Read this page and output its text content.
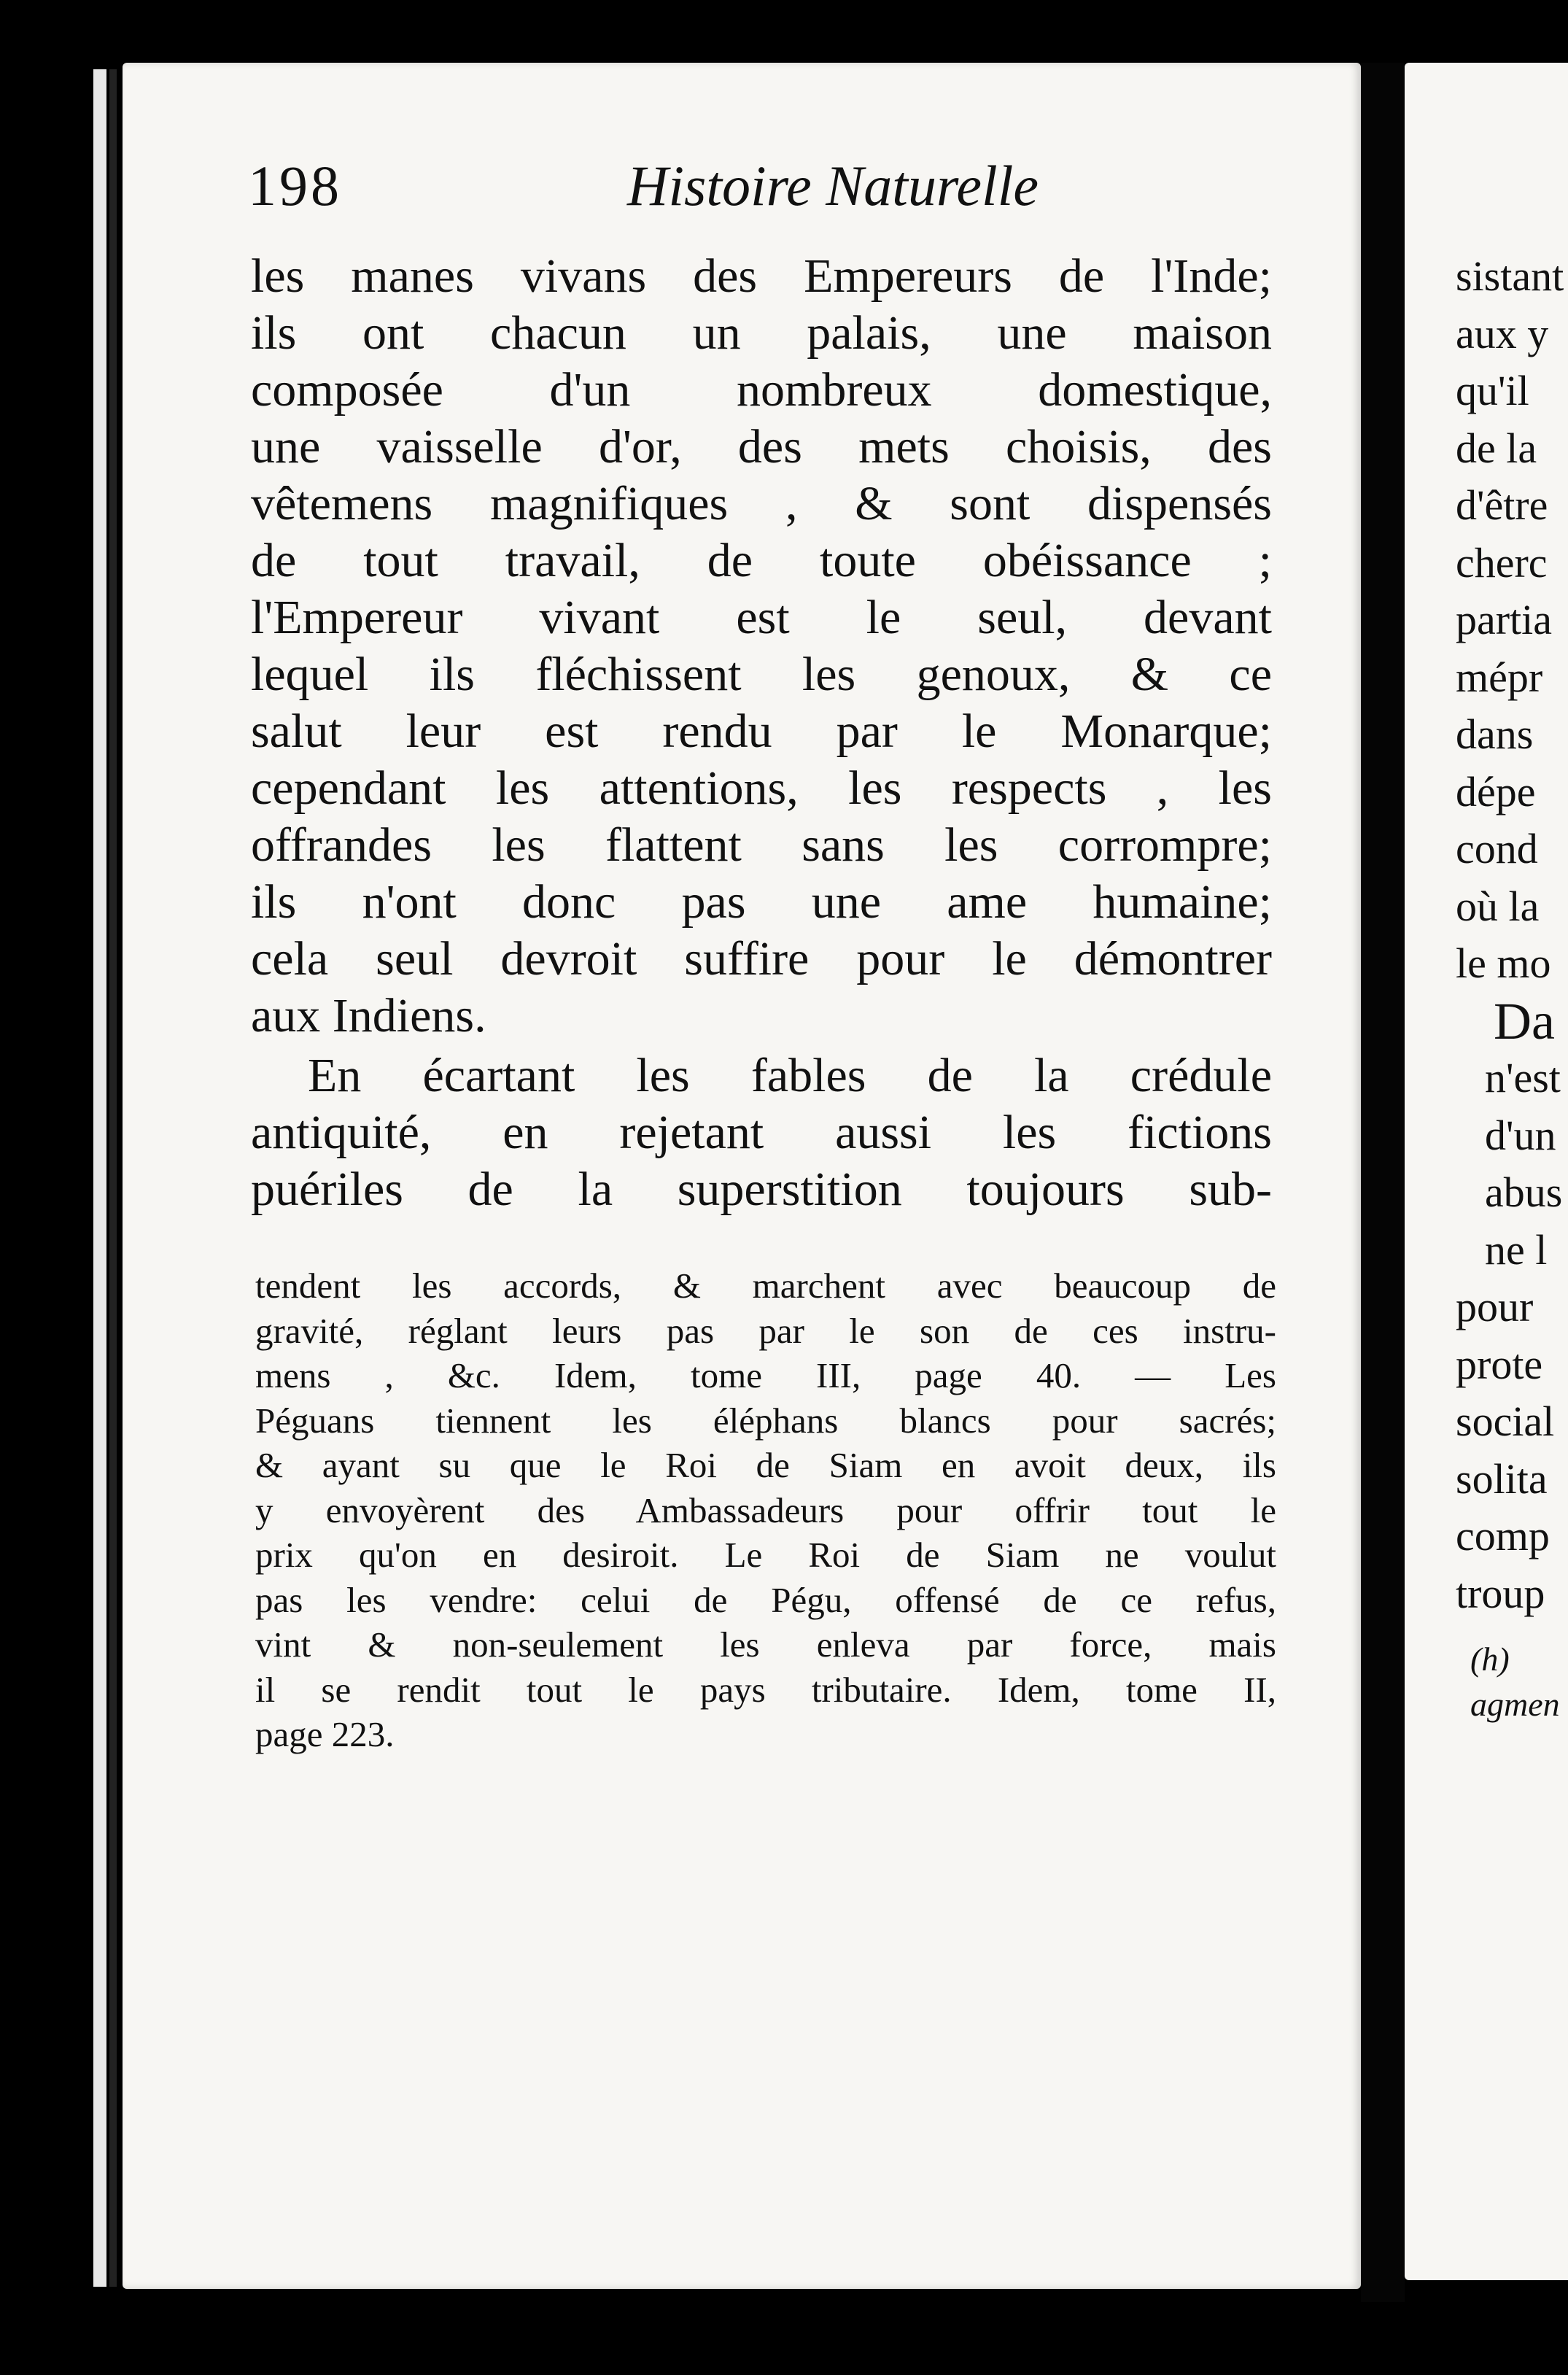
198	Histoire Naturelle
les manes vivans des Empereurs de l'Inde;
ils ont chacun un palais, une maison
composée d'un nombreux domestique,
une vaisselle d'or, des mets choisis, des
vêtemens magnifiques , & sont dispensés
de tout travail, de toute obéissance ;
l'Empereur vivant est le seul, devant
lequel ils fléchissent les genoux, & ce
salut leur est rendu par le Monarque;
cependant les attentions, les respects , les
offrandes les flattent sans les corrompre;
ils n'ont donc pas une ame humaine;
cela seul devroit suffire pour le démontrer
aux Indiens.
En écartant les fables de la crédule
antiquité, en rejetant aussi les fictions
puériles de la superstition toujours sub-
tendent les accords, & marchent avec beaucoup de
gravité, réglant leurs pas par le son de ces instru-
mens , &c. Idem, tome III, page 40. — Les
Péguans tiennent les éléphans blancs pour sacrés;
& ayant su que le Roi de Siam en avoit deux, ils
y envoyèrent des Ambassadeurs pour offrir tout le
prix qu'on en desiroit. Le Roi de Siam ne voulut
pas les vendre: celui de Pégu, offensé de ce refus,
vint & non-seulement les enleva par force, mais
il se rendit tout le pays tributaire. Idem, tome II,
page 223.
sistant
aux y
qu'il
de la
d'être
cherc
partia
mépr
dans
dépe
cond
où la
le mo
Da
n'est
d'un
abus
ne l
pour
prote
social
solita
comp
troup
(h)
agmen
